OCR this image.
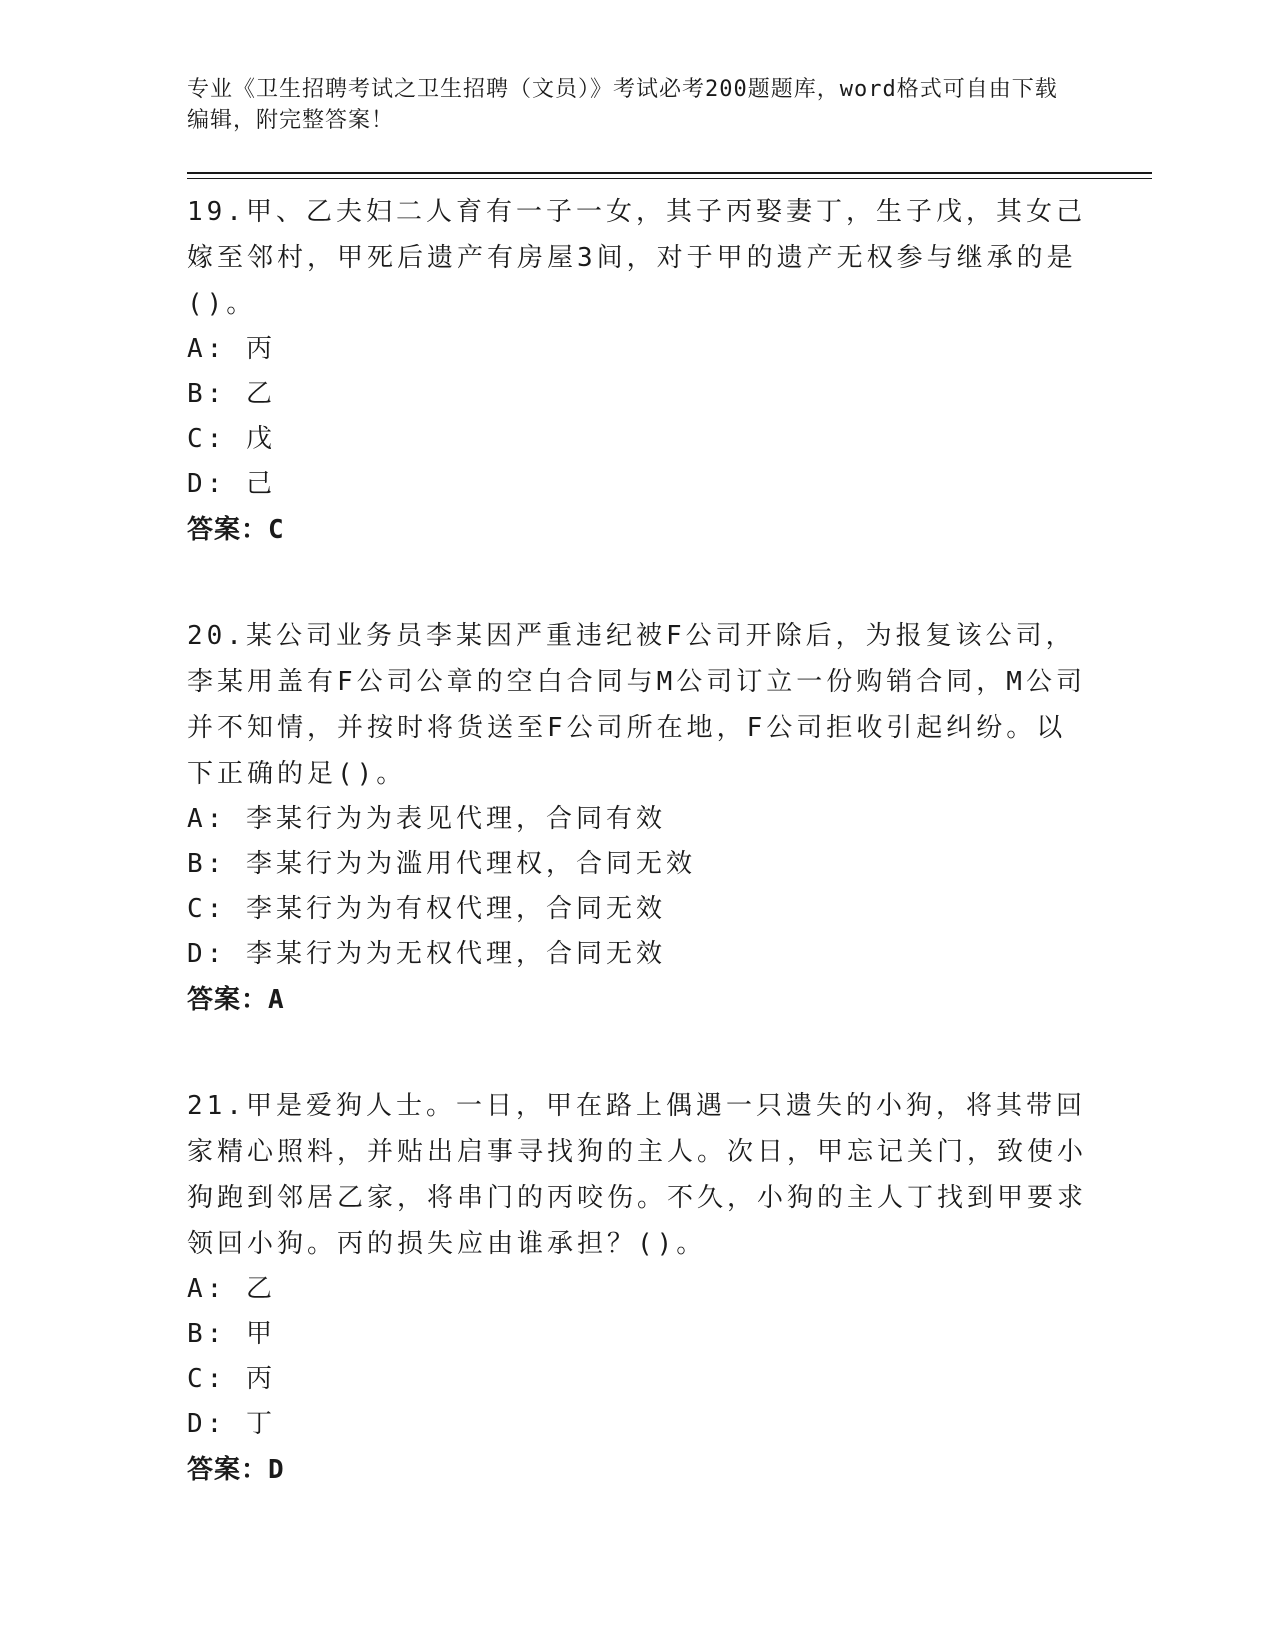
专业《卫生招聘考试之卫生招聘（文员）》考试必考200题题库，word格式可自由下载编辑，附完整答案！

19.甲、乙夫妇二人育有一子一女，其子丙娶妻丁，生子戊，其女己嫁至邻村，甲死后遗产有房屋3间，对于甲的遗产无权参与继承的是()。

A: 丙

B: 乙

C: 戊

D: 己

答案：C

20.某公司业务员李某因严重违纪被F公司开除后，为报复该公司，李某用盖有F公司公章的空白合同与M公司订立一份购销合同，M公司并不知情，并按时将货送至F公司所在地，F公司拒收引起纠纷。以下正确的足()。

A: 李某行为为表见代理，合同有效

B: 李某行为为滥用代理权，合同无效

C: 李某行为为有权代理，合同无效

D: 李某行为为无权代理，合同无效

答案：A

21.甲是爱狗人士。一日，甲在路上偶遇一只遗失的小狗，将其带回家精心照料，并贴出启事寻找狗的主人。次日，甲忘记关门，致使小狗跑到邻居乙家，将串门的丙咬伤。不久，小狗的主人丁找到甲要求领回小狗。丙的损失应由谁承担？()。

A: 乙

B: 甲

C: 丙

D: 丁

答案：D
